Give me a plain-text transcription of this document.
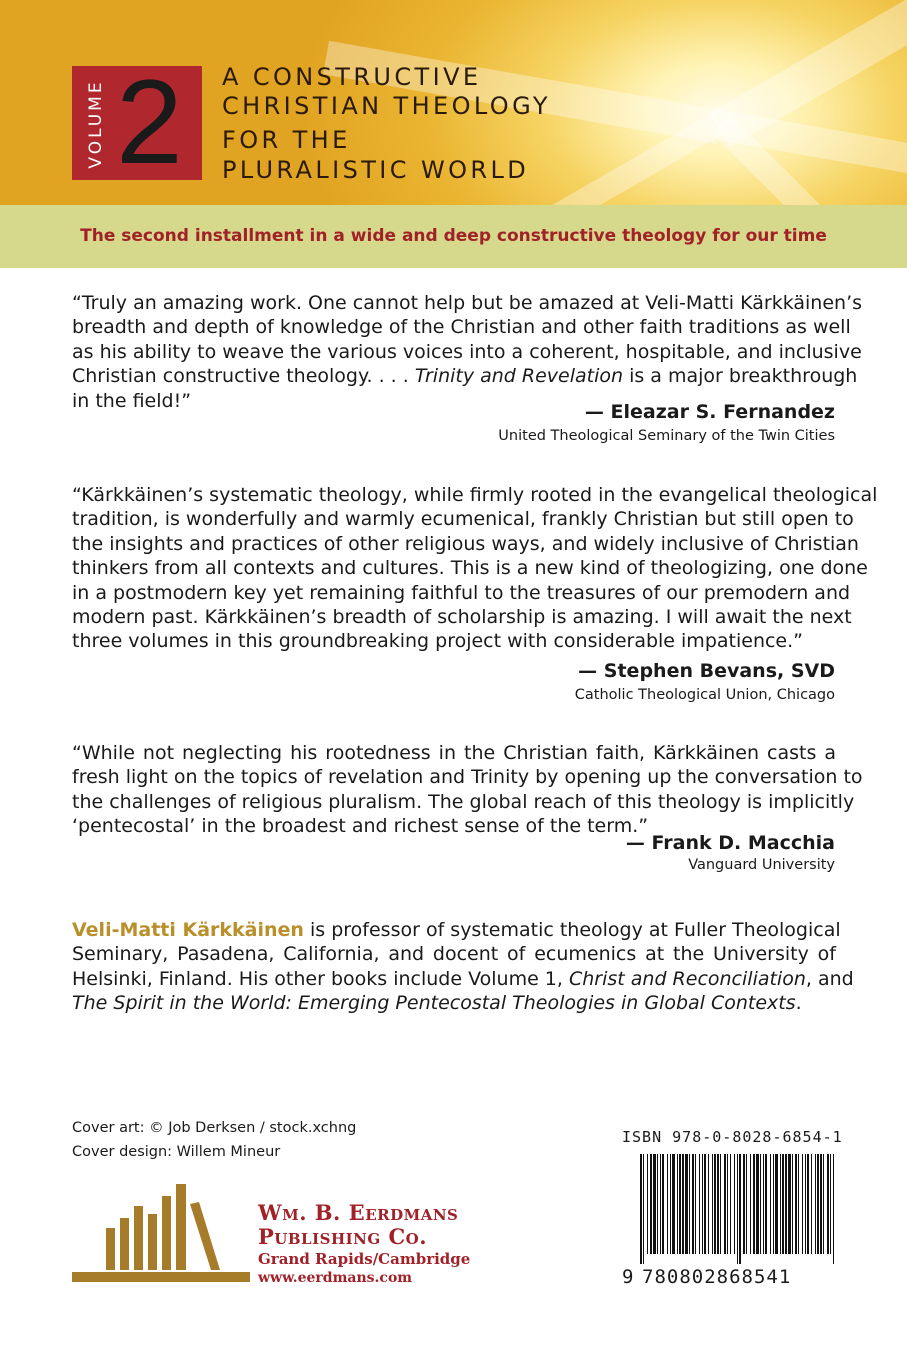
VOLUME 2	A CONSTRUCTIVE
CHRISTIAN THEOLOGY
FOR THE
PLURALISTIC WORLD
The second installment in a wide and deep constructive theology for our time
“Truly an amazing work. One cannot help but be amazed at Veli-Matti Kärkkäinen’s
breadth and depth of knowledge of the Christian and other faith traditions as well
as his ability to weave the various voices into a coherent, hospitable, and inclusive
Christian constructive theology. . . . Trinity and Revelation is a major breakthrough
in the field!”
— Eleazar S. Fernandez
United Theological Seminary of the Twin Cities
“Kärkkäinen’s systematic theology, while firmly rooted in the evangelical theological
tradition, is wonderfully and warmly ecumenical, frankly Christian but still open to
the insights and practices of other religious ways, and widely inclusive of Christian
thinkers from all contexts and cultures. This is a new kind of theologizing, one done
in a postmodern key yet remaining faithful to the treasures of our premodern and
modern past. Kärkkäinen’s breadth of scholarship is amazing. I will await the next
three volumes in this groundbreaking project with considerable impatience.”
— Stephen Bevans, SVD
Catholic Theological Union, Chicago
“While not neglecting his rootedness in the Christian faith, Kärkkäinen casts a
fresh light on the topics of revelation and Trinity by opening up the conversation to
the challenges of religious pluralism. The global reach of this theology is implicitly
‘pentecostal’ in the broadest and richest sense of the term.”
— Frank D. Macchia
Vanguard University
Veli-Matti Kärkkäinen is professor of systematic theology at Fuller Theological
Seminary, Pasadena, California, and docent of ecumenics at the University of
Helsinki, Finland. His other books include Volume 1, Christ and Reconciliation, and
The Spirit in the World: Emerging Pentecostal Theologies in Global Contexts.
Cover art: © Job Derksen / stock.xchng
Cover design: Willem Mineur
Wm. B. Eerdmans
Publishing Co.
Grand Rapids/Cambridge
www.eerdmans.com
ISBN 978-0-8028-6854-1
9 780802868541
